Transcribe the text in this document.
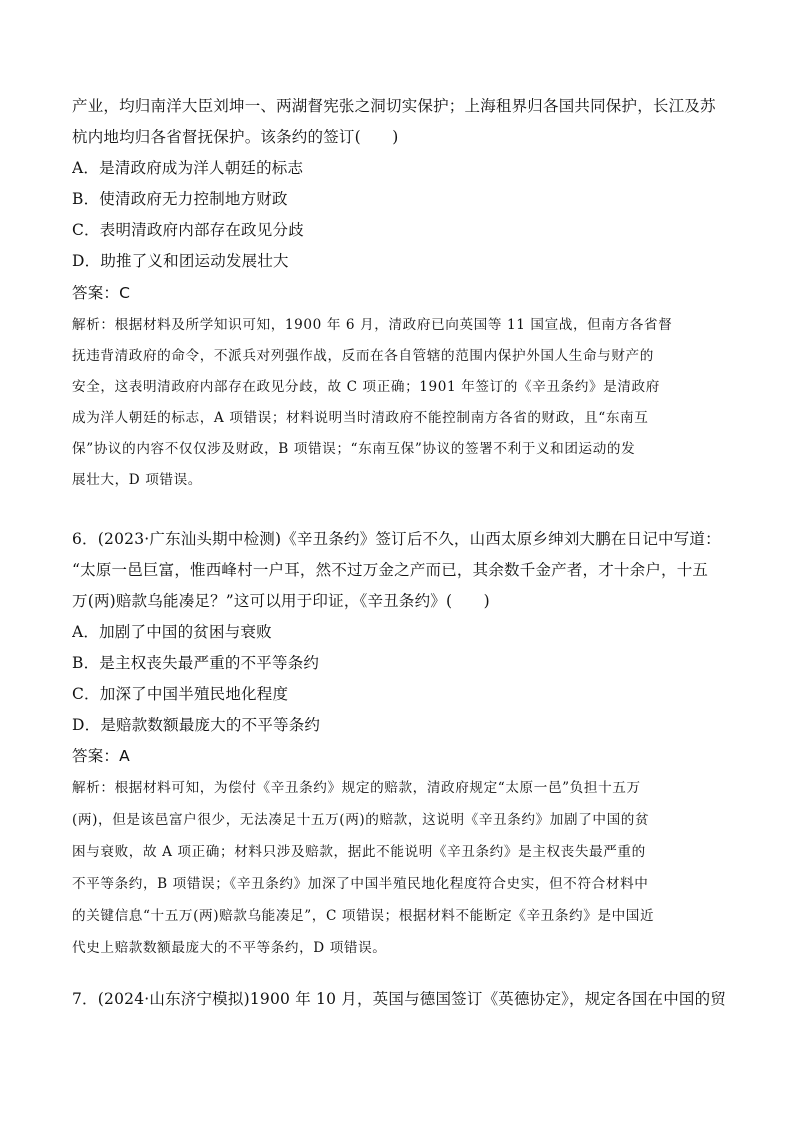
产业，均归南洋大臣刘坤一、两湖督宪张之洞切实保护；上海租界归各国共同保护，长江及苏
杭内地均归各省督抚保护。该条约的签订(　　)
A．是清政府成为洋人朝廷的标志
B．使清政府无力控制地方财政
C．表明清政府内部存在政见分歧
D．助推了义和团运动发展壮大
答案：C
解析：根据材料及所学知识可知，1900 年 6 月，清政府已向英国等 11 国宣战，但南方各省督
抚违背清政府的命令，不派兵对列强作战，反而在各自管辖的范围内保护外国人生命与财产的
安全，这表明清政府内部存在政见分歧，故 C 项正确；1901 年签订的《辛丑条约》是清政府
成为洋人朝廷的标志，A 项错误；材料说明当时清政府不能控制南方各省的财政，且“东南互
保”协议的内容不仅仅涉及财政，B 项错误；“东南互保”协议的签署不利于义和团运动的发
展壮大，D 项错误。
6．(2023·广东汕头期中检测)《辛丑条约》签订后不久，山西太原乡绅刘大鹏在日记中写道：
“太原一邑巨富，惟西峰村一户耳，然不过万金之产而已，其余数千金产者，才十余户，十五
万(两)赔款乌能凑足？”这可以用于印证，《辛丑条约》(　　)
A．加剧了中国的贫困与衰败
B．是主权丧失最严重的不平等条约
C．加深了中国半殖民地化程度
D．是赔款数额最庞大的不平等条约
答案：A
解析：根据材料可知，为偿付《辛丑条约》规定的赔款，清政府规定“太原一邑”负担十五万
(两)，但是该邑富户很少，无法凑足十五万(两)的赔款，这说明《辛丑条约》加剧了中国的贫
困与衰败，故 A 项正确；材料只涉及赔款，据此不能说明《辛丑条约》是主权丧失最严重的
不平等条约，B 项错误；《辛丑条约》加深了中国半殖民地化程度符合史实，但不符合材料中
的关键信息“十五万(两)赔款乌能凑足”，C 项错误；根据材料不能断定《辛丑条约》是中国近
代史上赔款数额最庞大的不平等条约，D 项错误。
7．(2024·山东济宁模拟)1900 年 10 月，英国与德国签订《英德协定》，规定各国在中国的贸
